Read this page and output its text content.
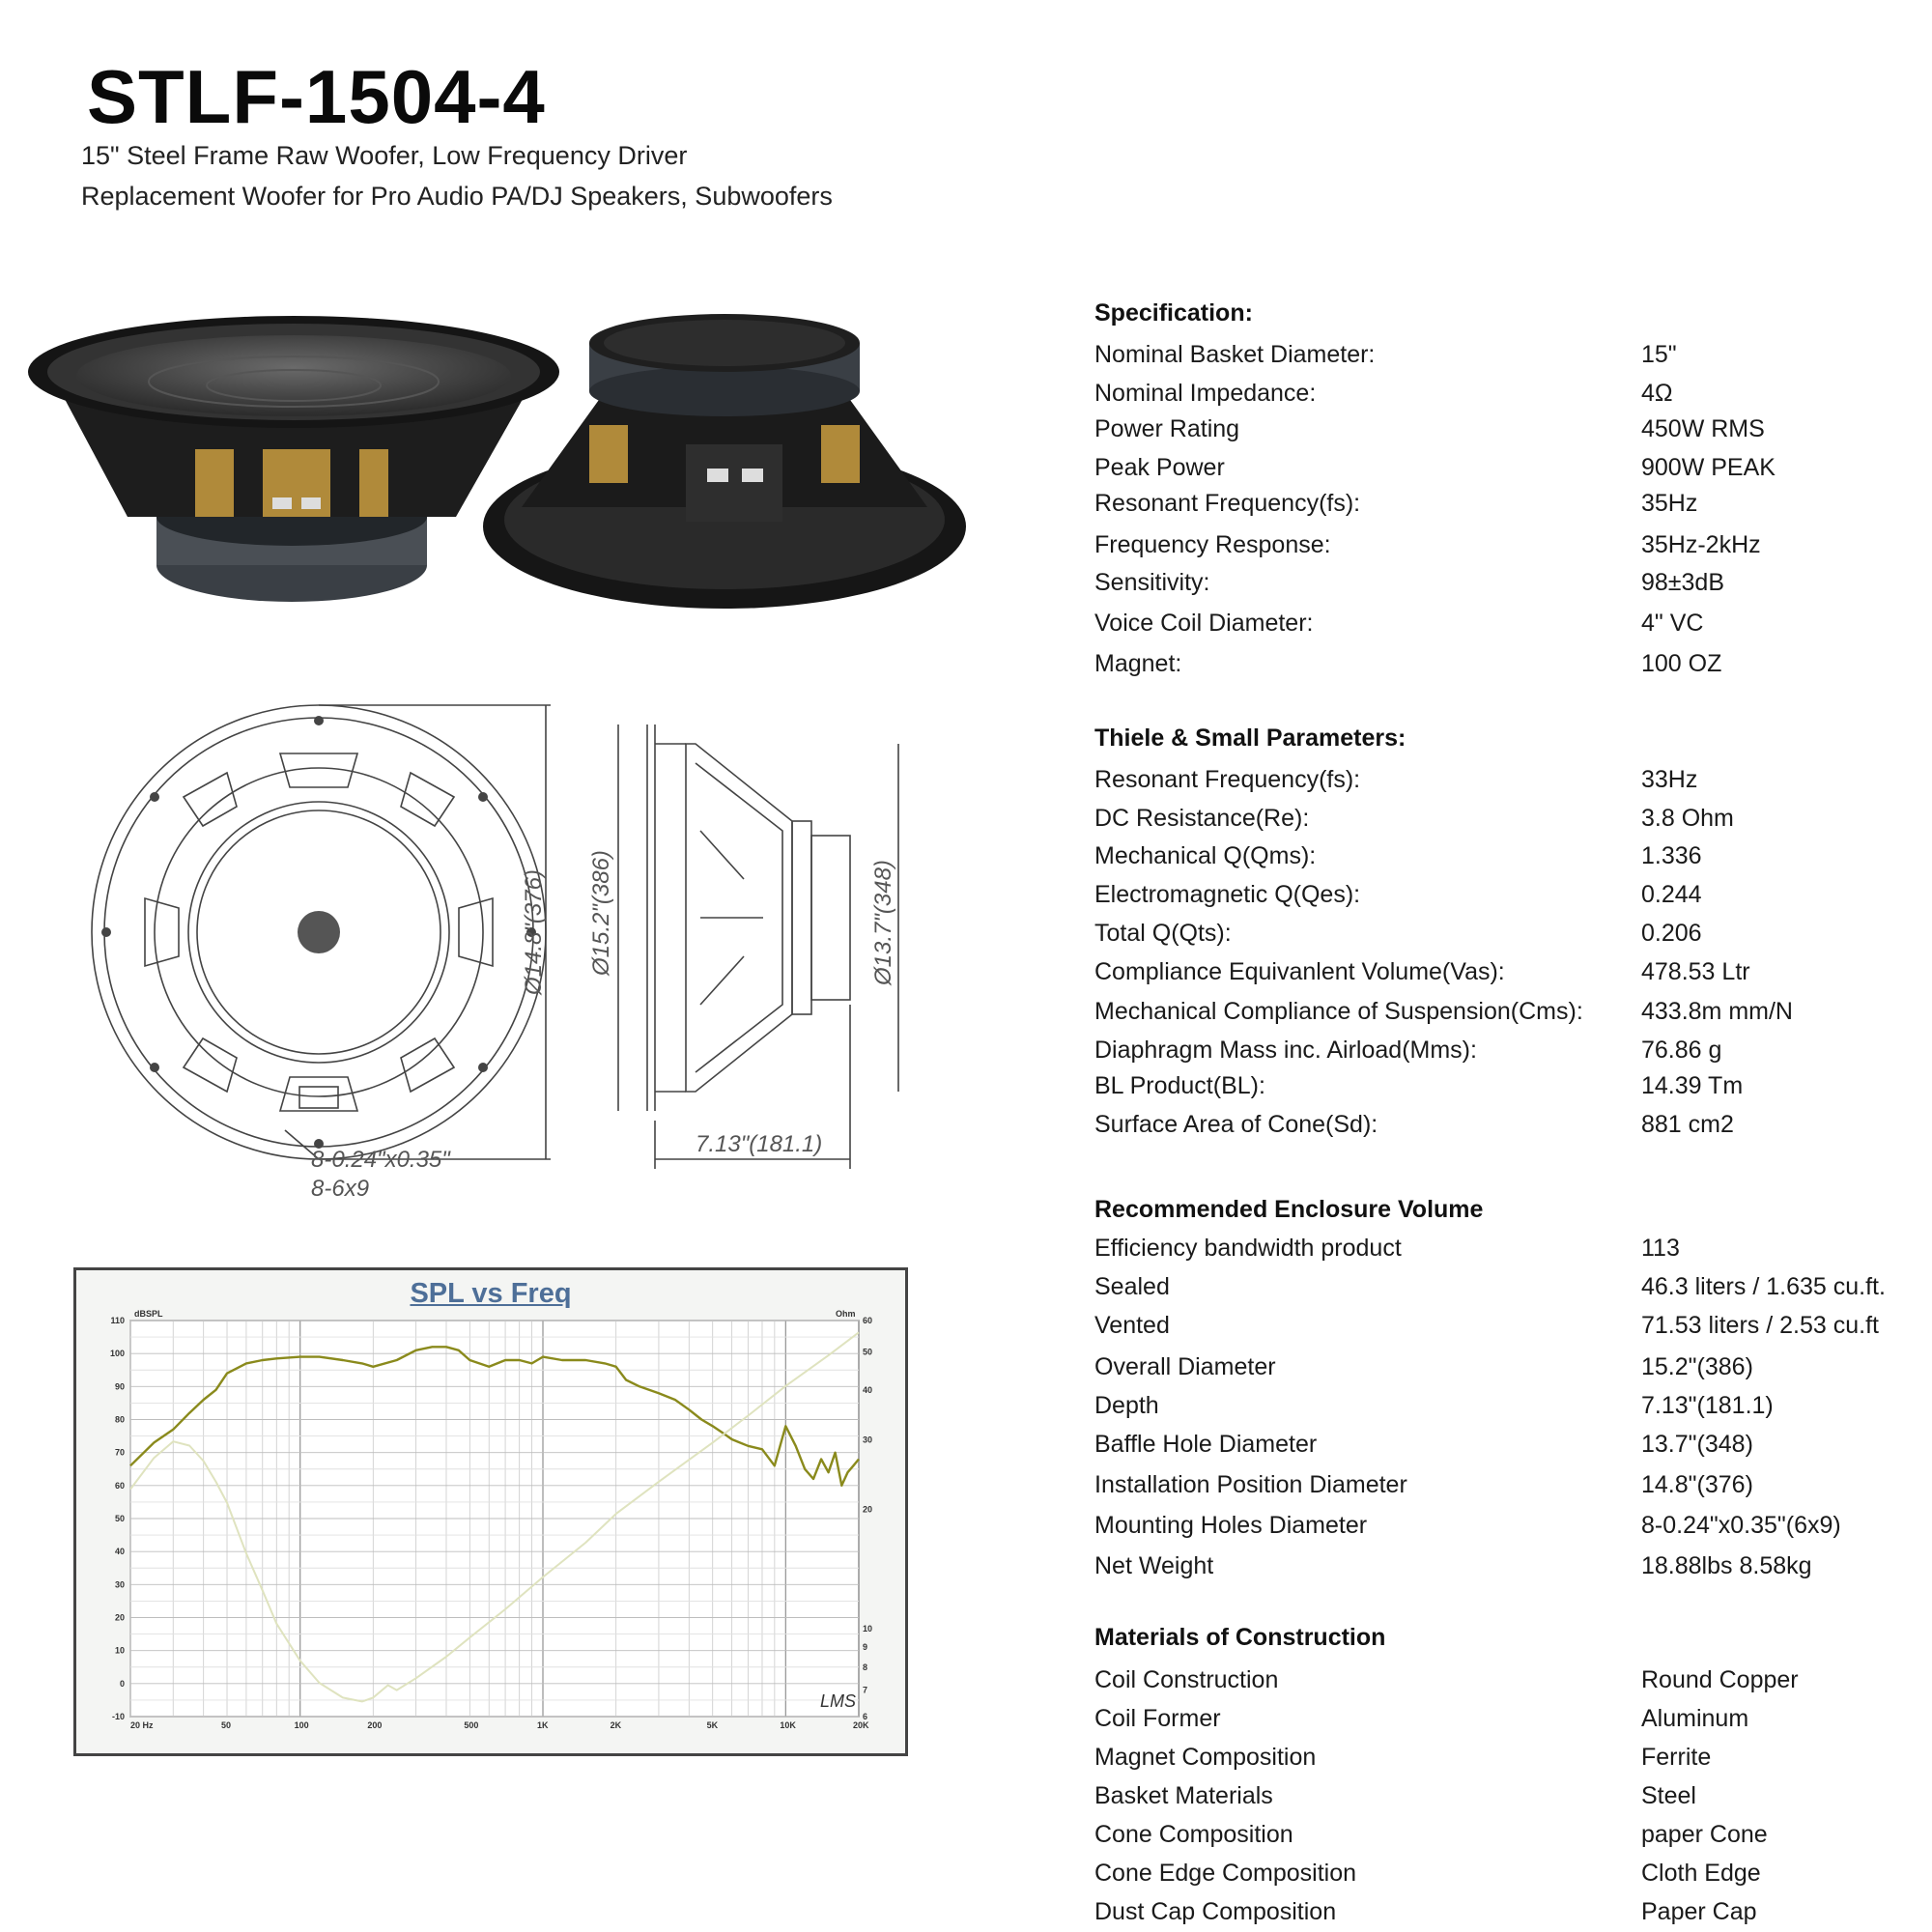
STLF-1504-4
15" Steel Frame Raw Woofer, Low Frequency Driver
Replacement Woofer for Pro Audio PA/DJ Speakers, Subwoofers
Ø14.8"(376)
8-0.24"x0.35"
8-6x9
Ø15.2"(386)	Ø13.7"(348)
7.13"(181.1)
SPL vs Freq
110
100
90
80
70
60
50
40
30
20
10
0
-10
60
50
40
30
20
10
9
8
7
6
20 Hz	50	100	200	500	1K	2K	5K	10K	20K
dBSPL	Ohm
LMS
Specification:
Nominal Basket Diameter:	15"
Nominal Impedance:	4Ω
Power Rating	450W RMS
Peak Power	900W PEAK
Resonant Frequency(fs):	35Hz
Frequency Response:	35Hz-2kHz
Sensitivity:	98±3dB
Voice Coil Diameter:	4" VC
Magnet:	100 OZ
Thiele & Small Parameters:
Resonant Frequency(fs):	33Hz
DC Resistance(Re):	3.8 Ohm
Mechanical Q(Qms):	1.336
Electromagnetic Q(Qes):	0.244
Total Q(Qts):	0.206
Compliance Equivanlent Volume(Vas):	478.53 Ltr
Mechanical Compliance of Suspension(Cms): 433.8m mm/N
Diaphragm Mass inc. Airload(Mms):	76.86 g
BL Product(BL):	14.39 Tm
Surface Area of Cone(Sd):	881 cm2
Recommended Enclosure Volume
Efficiency bandwidth product	113
Sealed	46.3 liters / 1.635 cu.ft.
Vented	71.53 liters / 2.53 cu.ft
Overall Diameter	15.2"(386)
Depth	7.13"(181.1)
Baffle Hole Diameter	13.7"(348)
Installation Position Diameter	14.8"(376)
Mounting Holes Diameter	8-0.24"x0.35"(6x9)
Net Weight	18.88lbs 8.58kg
Materials of Construction
Coil Construction	Round Copper
Coil Former	Aluminum
Magnet Composition	Ferrite
Basket Materials	Steel
Cone Composition	paper Cone
Cone Edge Composition	Cloth Edge
Dust Cap Composition	Paper Cap
